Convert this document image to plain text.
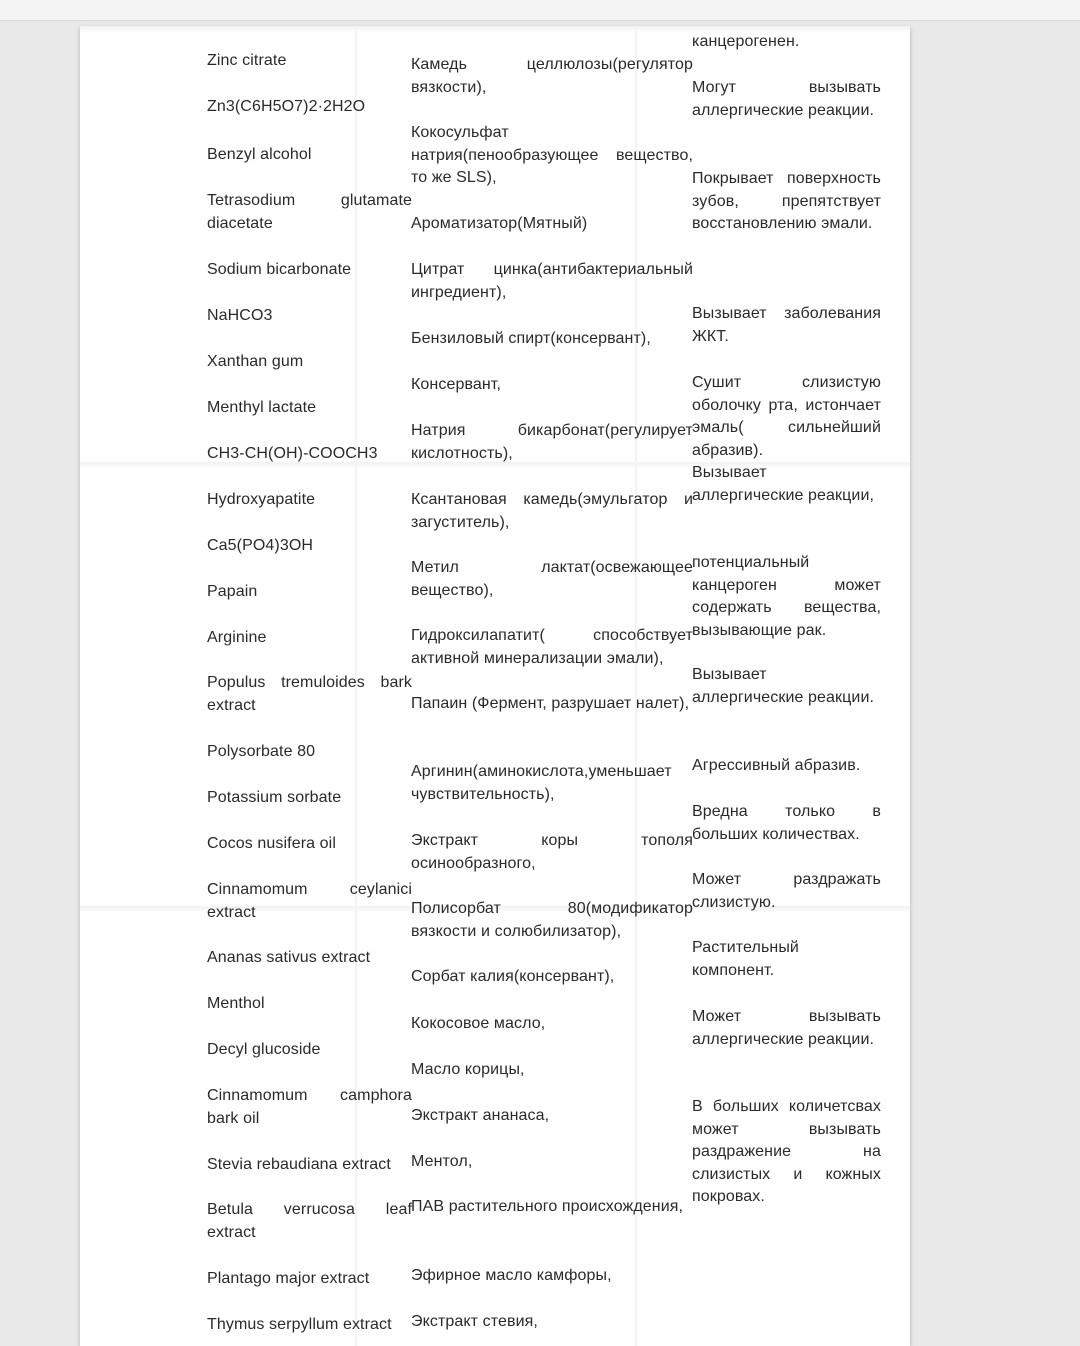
Zinc citrate
Zn3(C6H5O7)2·2H2O
Benzyl alcohol
Tetrasodium glutamate diacetate
Sodium bicarbonate
NaHCO3
Xanthan gum
Menthyl lactate
CH3-CH(OH)-COOCH3
Hydroxyapatite
Ca5(PO4)3OH
Papain
Arginine
Populus tremuloides bark extract
Polysorbate 80
Potassium sorbate
Cocos nusifera oil
Cinnamomum ceylanici extract
Ananas sativus extract
Menthol
Decyl glucoside
Cinnamomum camphora bark oil
Stevia rebaudiana extract
Betula verrucosa leaf extract
Plantago major extract
Thymus serpyllum extract
Камедь целлюлозы(регулятор вязкости),
Кокосульфат натрия(пенообразующее вещество, то же SLS),
Ароматизатор(Мятный)
Цитрат цинка(антибактериальный ингредиент),
Бензиловый спирт(консервант),
Консервант,
Натрия бикарбонат(регулирует кислотность),
Ксантановая камедь(эмульгатор и загуститель),
Метил лактат(освежающее вещество),
Гидроксилапатит( способствует активной минерализации эмали),
Папаин (Фермент, разрушает налет),
Аргинин(аминокислота,уменьшает чувствительность),
Экстракт коры тополя осинообразного,
Полисорбат 80(модификатор вязкости и солюбилизатор),
Сорбат калия(консервант),
Кокосовое масло,
Масло корицы,
Экстракт ананаса,
Ментол,
ПАВ растительного происхождения,
Эфирное масло камфоры,
Экстракт стевия,
канцерогенен.
Могут вызывать аллергические реакции.
Покрывает поверхность зубов, препятствует восстановлению эмали.
Вызывает заболевания ЖКТ.
Сушит слизистую оболочку рта, истончает эмаль( сильнейший абразив).
Вызывает аллергические реакции,
потенциальный канцероген может содержать вещества, вызывающие рак.
Вызывает аллергические реакции.
Агрессивный абразив.
Вредна только в больших количествах.
Может раздражать слизистую.
Растительный компонент.
Может вызывать аллергические реакции.
В больших количетсвах может вызывать раздражение на слизистых и кожных покровах.
